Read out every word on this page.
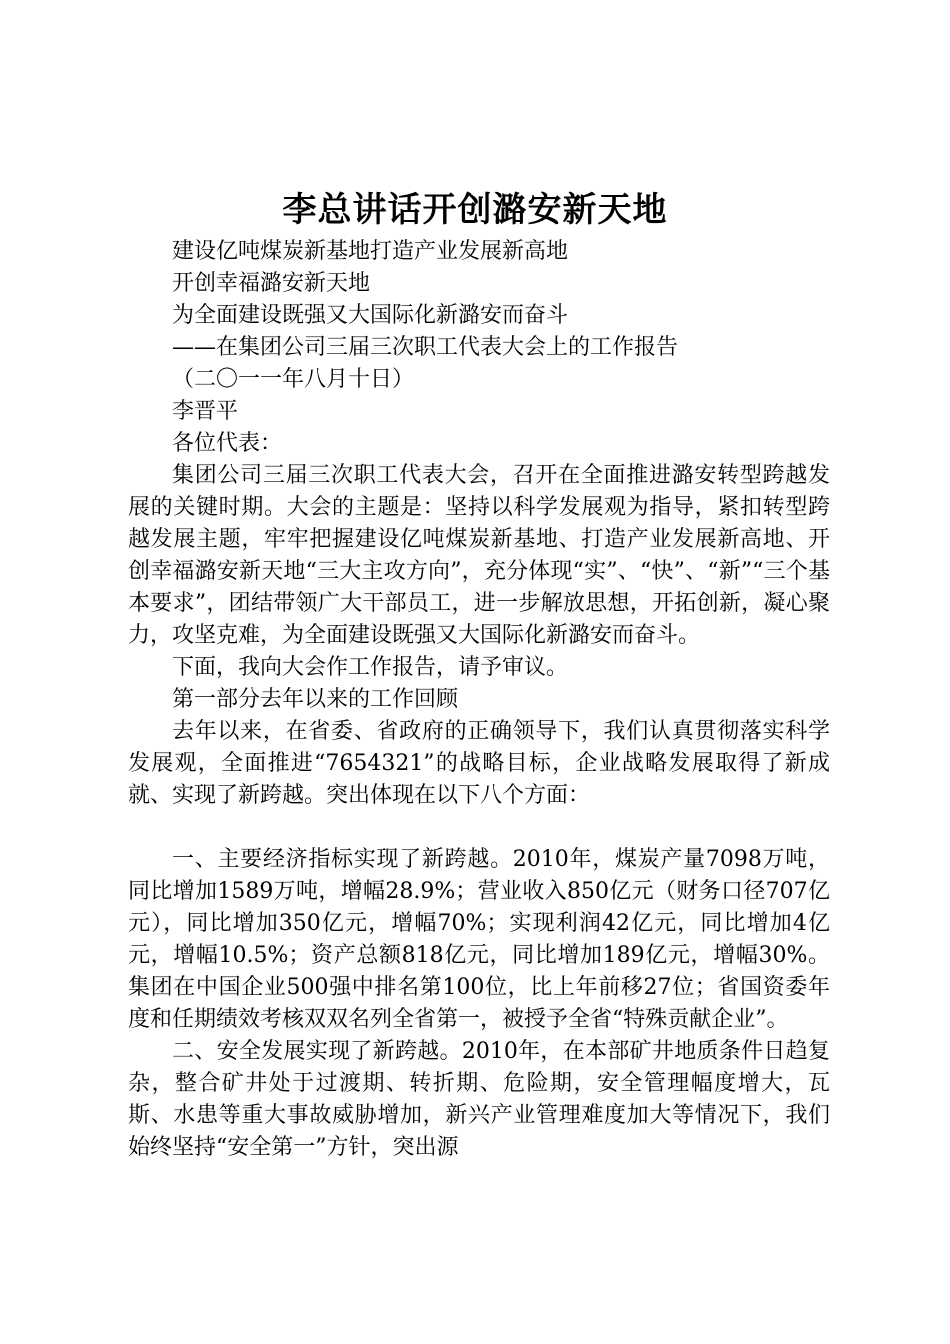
李总讲话开创潞安新天地

建设亿吨煤炭新基地打造产业发展新高地

开创幸福潞安新天地

为全面建设既强又大国际化新潞安而奋斗

——在集团公司三届三次职工代表大会上的工作报告

（二〇一一年八月十日）

李晋平

各位代表：

集团公司三届三次职工代表大会，召开在全面推进潞安转型跨越发展的关键时期。大会的主题是：坚持以科学发展观为指导，紧扣转型跨越发展主题，牢牢把握建设亿吨煤炭新基地、打造产业发展新高地、开创幸福潞安新天地“三大主攻方向”，充分体现“实”、“快”、“新”“三个基本要求”，团结带领广大干部员工，进一步解放思想，开拓创新，凝心聚力，攻坚克难，为全面建设既强又大国际化新潞安而奋斗。

下面，我向大会作工作报告，请予审议。

第一部分去年以来的工作回顾

去年以来，在省委、省政府的正确领导下，我们认真贯彻落实科学发展观，全面推进“7654321”的战略目标，企业战略发展取得了新成就、实现了新跨越。突出体现在以下八个方面：

一、主要经济指标实现了新跨越。2010年，煤炭产量7098万吨，同比增加1589万吨，增幅28.9%；营业收入850亿元（财务口径707亿元），同比增加350亿元，增幅70%；实现利润42亿元，同比增加4亿元，增幅10.5%；资产总额818亿元，同比增加189亿元，增幅30%。集团在中国企业500强中排名第100位，比上年前移27位；省国资委年度和任期绩效考核双双名列全省第一，被授予全省“特殊贡献企业”。

二、安全发展实现了新跨越。2010年，在本部矿井地质条件日趋复杂，整合矿井处于过渡期、转折期、危险期，安全管理幅度增大，瓦斯、水患等重大事故威胁增加，新兴产业管理难度加大等情况下，我们始终坚持“安全第一”方针，突出源
